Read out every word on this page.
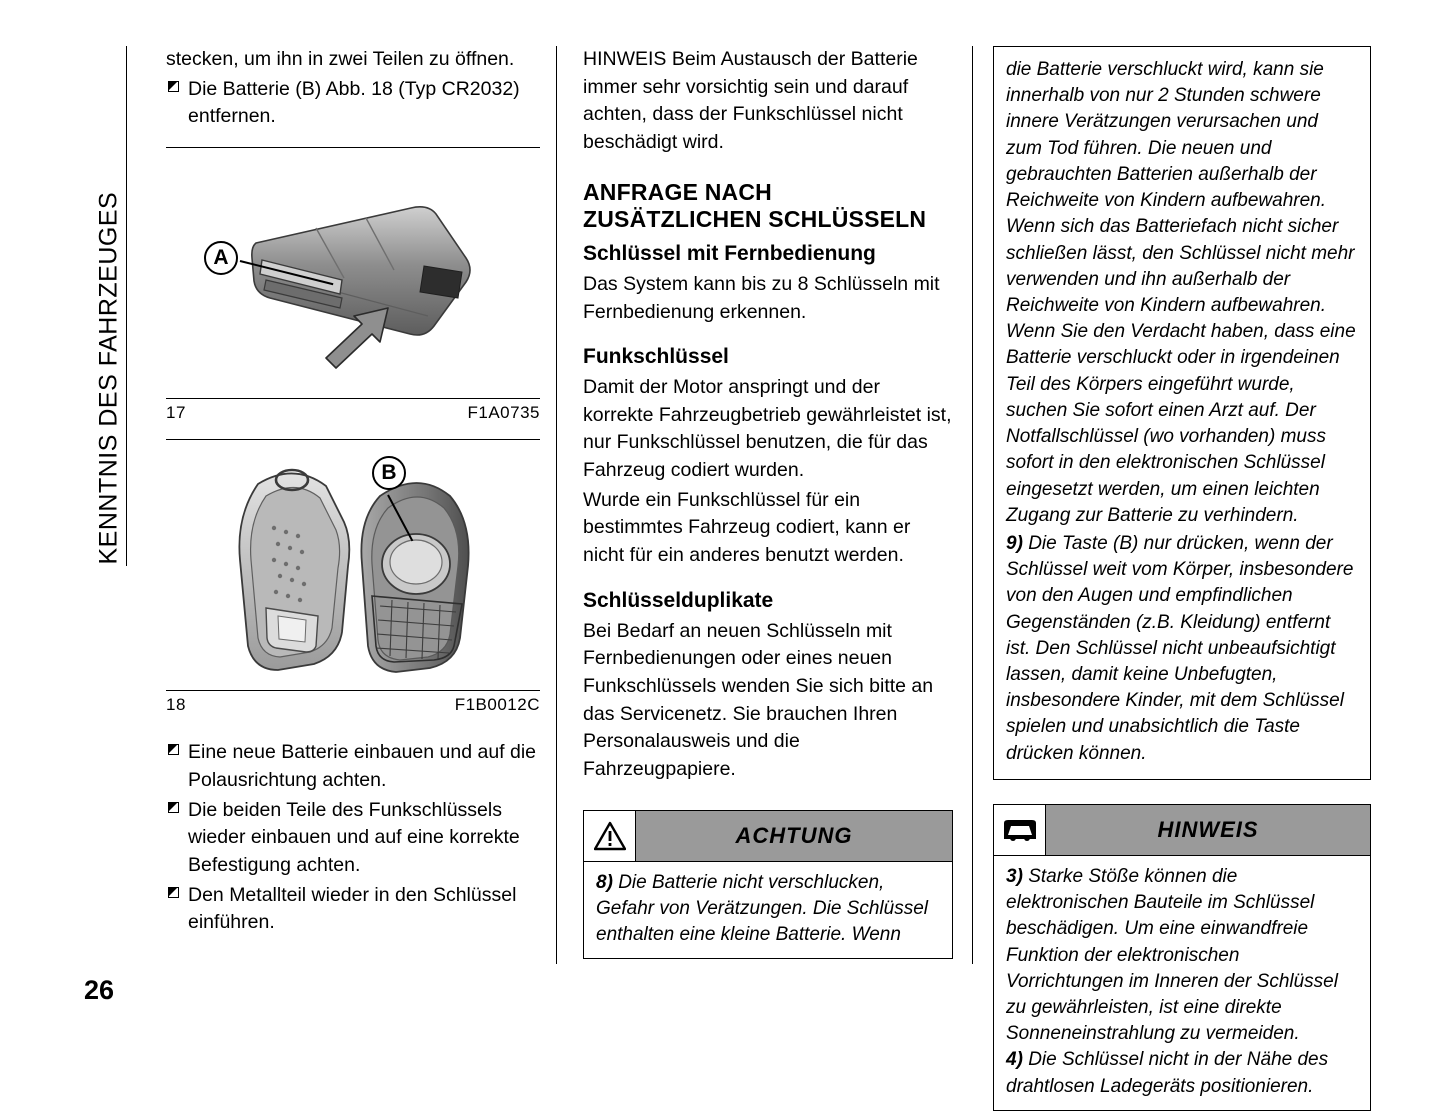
KENNTNIS DES FAHRZEUGES

stecken, um ihn in zwei Teilen zu öffnen.

Die Batterie (B) Abb. 18 (Typ CR2032) entfernen.
A
17	F1A0735
B
18	F1B0012C
Eine neue Batterie einbauen und auf die Polausrichtung achten.
Die beiden Teile des Funkschlüssels wieder einbauen und auf eine korrekte Befestigung achten.
Den Metallteil wieder in den Schlüssel einführen.

HINWEIS Beim Austausch der Batterie immer sehr vorsichtig sein und darauf achten, dass der Funkschlüssel nicht beschädigt wird.

ANFRAGE NACH ZUSÄTZLICHEN SCHLÜSSELN
Schlüssel mit Fernbedienung

Das System kann bis zu 8 Schlüsseln mit Fernbedienung erkennen.

Funkschlüssel

Damit der Motor anspringt und der korrekte Fahrzeugbetrieb gewährleistet ist, nur Funkschlüssel benutzen, die für das Fahrzeug codiert wurden.

Wurde ein Funkschlüssel für ein bestimmtes Fahrzeug codiert, kann er nicht für ein anderes benutzt werden.

Schlüsselduplikate

Bei Bedarf an neuen Schlüsseln mit Fernbedienungen oder eines neuen Funkschlüssels wenden Sie sich bitte an das Servicenetz. Sie brauchen Ihren Personalausweis und die Fahrzeugpapiere.

ACHTUNG
8) Die Batterie nicht verschlucken, Gefahr von Verätzungen. Die Schlüssel enthalten eine kleine Batterie. Wenn
die Batterie verschluckt wird, kann sie innerhalb von nur 2 Stunden schwere innere Verätzungen verursachen und zum Tod führen. Die neuen und gebrauchten Batterien außerhalb der Reichweite von Kindern aufbewahren. Wenn sich das Batteriefach nicht sicher schließen lässt, den Schlüssel nicht mehr verwenden und ihn außerhalb der Reichweite von Kindern aufbewahren. Wenn Sie den Verdacht haben, dass eine Batterie verschluckt oder in irgendeinen Teil des Körpers eingeführt wurde, suchen Sie sofort einen Arzt auf. Der Notfallschlüssel (wo vorhanden) muss sofort in den elektronischen Schlüssel eingesetzt werden, um einen leichten Zugang zur Batterie zu verhindern.
9) Die Taste (B) nur drücken, wenn der Schlüssel weit vom Körper, insbesondere von den Augen und empfindlichen Gegenständen (z.B. Kleidung) entfernt ist. Den Schlüssel nicht unbeaufsichtigt lassen, damit keine Unbefugten, insbesondere Kinder, mit dem Schlüssel spielen und unabsichtlich die Taste drücken können.
HINWEIS
3) Starke Stöße können die elektronischen Bauteile im Schlüssel beschädigen. Um eine einwandfreie Funktion der elektronischen Vorrichtungen im Inneren der Schlüssel zu gewährleisten, ist eine direkte Sonneneinstrahlung zu vermeiden.
4) Die Schlüssel nicht in der Nähe des drahtlosen Ladegeräts positionieren.
26
